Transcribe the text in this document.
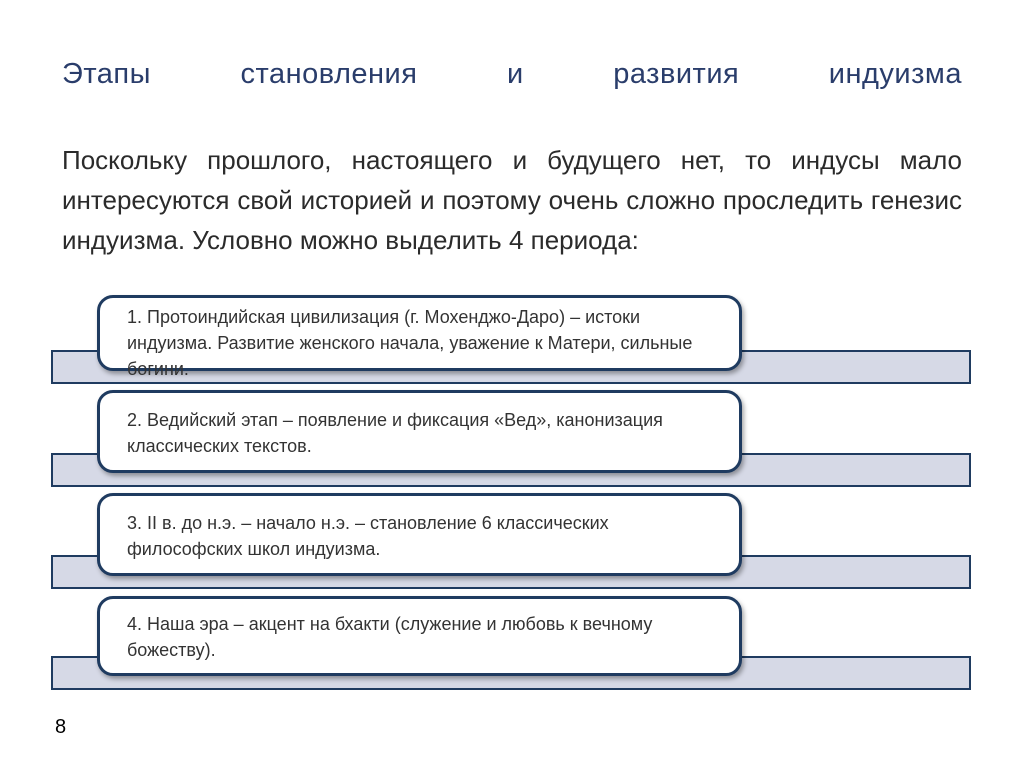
Этапы	становления	и	развития	индуизма
Поскольку прошлого, настоящего и будущего нет, то индусы мало интересуются свой историей и поэтому очень сложно проследить генезис индуизма. Условно можно выделить 4 периода:
1. Протоиндийская цивилизация (г. Мохенджо-Даро) – истоки индуизма. Развитие женского начала, уважение к Матери, сильные богини.
2. Ведийский этап – появление и фиксация «Вед», канонизация классических текстов.
3. II в. до н.э. – начало н.э. – становление 6 классических философских школ индуизма.
4. Наша эра – акцент на бхакти (служение и любовь к вечному божеству).
8
